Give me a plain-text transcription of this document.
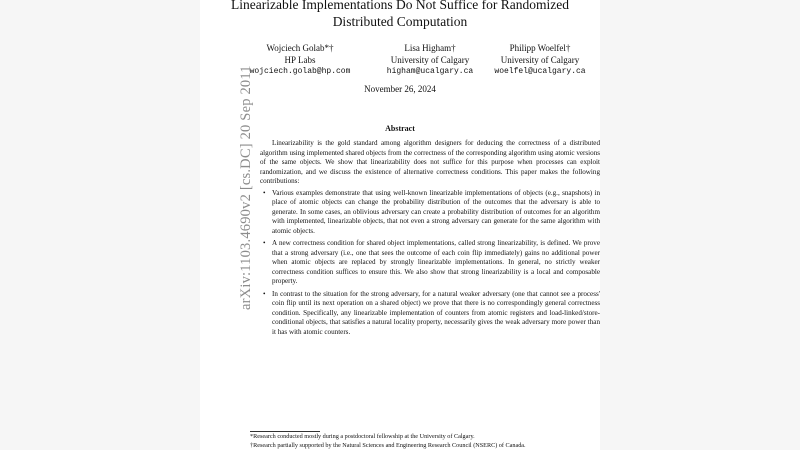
Linearizable Implementations Do Not Suffice for Randomized
Distributed Computation
Wojciech Golab*†
HP Labs
wojciech.golab@hp.com
Lisa Higham†
University of Calgary
higham@ucalgary.ca
Philipp Woelfel†
University of Calgary
woelfel@ucalgary.ca
November 26, 2024
arXiv:1103.4690v2 [cs.DC] 20 Sep 2011	Abstract

Linearizability is the gold standard among algorithm designers for deducing the correctness of a distributed algorithm using implemented shared objects from the correctness of the corresponding algorithm using atomic versions of the same objects. We show that linearizability does not suffice for this purpose when processes can exploit randomization, and we discuss the existence of alternative correctness conditions. This paper makes the following contributions:

• Various examples demonstrate that using well-known linearizable implementations of objects (e.g., snapshots) in place of atomic objects can change the probability distribution of the outcomes that the adversary is able to generate. In some cases, an oblivious adversary can create a probability distribution of outcomes for an algorithm with implemented, linearizable objects, that not even a strong adversary can generate for the same algorithm with atomic objects.
• A new correctness condition for shared object implementations, called strong linearizability, is defined. We prove that a strong adversary (i.e., one that sees the outcome of each coin flip immediately) gains no additional power when atomic objects are replaced by strongly linearizable implementations. In general, no strictly weaker correctness condition suffices to ensure this. We also show that strong linearizability is a local and composable property.
• In contrast to the situation for the strong adversary, for a natural weaker adversary (one that cannot see a process' coin flip until its next operation on a shared object) we prove that there is no correspondingly general correctness condition. Specifically, any linearizable implementation of counters from atomic registers and load-linked/store-conditional objects, that satisfies a natural locality property, necessarily gives the weak adversary more power than it has with atomic counters.
*Research conducted mostly during a postdoctoral fellowship at the University of Calgary.
†Research partially supported by the Natural Sciences and Engineering Research Council (NSERC) of Canada.
